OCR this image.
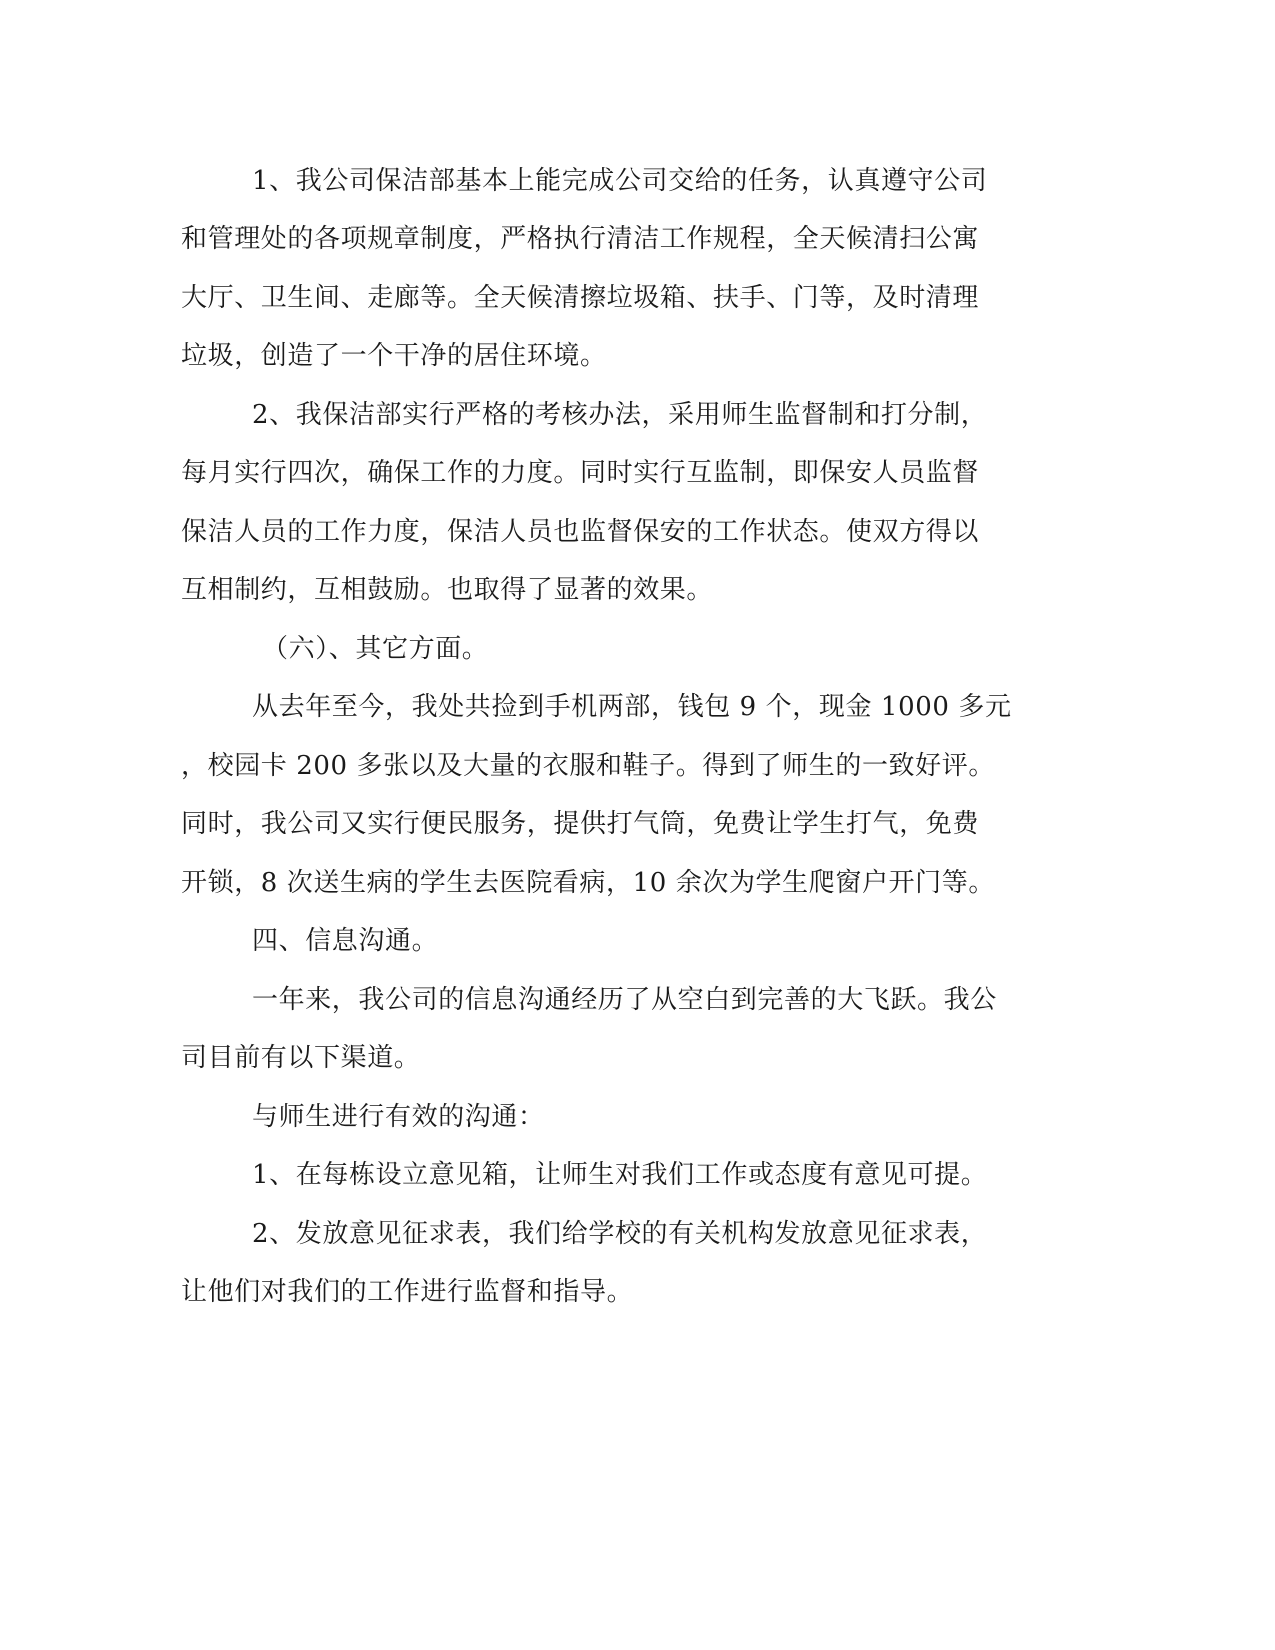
1、我公司保洁部基本上能完成公司交给的任务，认真遵守公司
和管理处的各项规章制度，严格执行清洁工作规程，全天候清扫公寓
大厅、卫生间、走廊等。全天候清擦垃圾箱、扶手、门等，及时清理
垃圾，创造了一个干净的居住环境。
2、我保洁部实行严格的考核办法，采用师生监督制和打分制，
每月实行四次，确保工作的力度。同时实行互监制，即保安人员监督
保洁人员的工作力度，保洁人员也监督保安的工作状态。使双方得以
互相制约，互相鼓励。也取得了显著的效果。
（六）、其它方面。
从去年至今，我处共捡到手机两部，钱包 9 个，现金 1000 多元
，校园卡 200 多张以及大量的衣服和鞋子。得到了师生的一致好评。
同时，我公司又实行便民服务，提供打气筒，免费让学生打气，免费
开锁，8 次送生病的学生去医院看病，10 余次为学生爬窗户开门等。
四、信息沟通。
一年来，我公司的信息沟通经历了从空白到完善的大飞跃。我公
司目前有以下渠道。
与师生进行有效的沟通：
1、在每栋设立意见箱，让师生对我们工作或态度有意见可提。
2、发放意见征求表，我们给学校的有关机构发放意见征求表，
让他们对我们的工作进行监督和指导。
